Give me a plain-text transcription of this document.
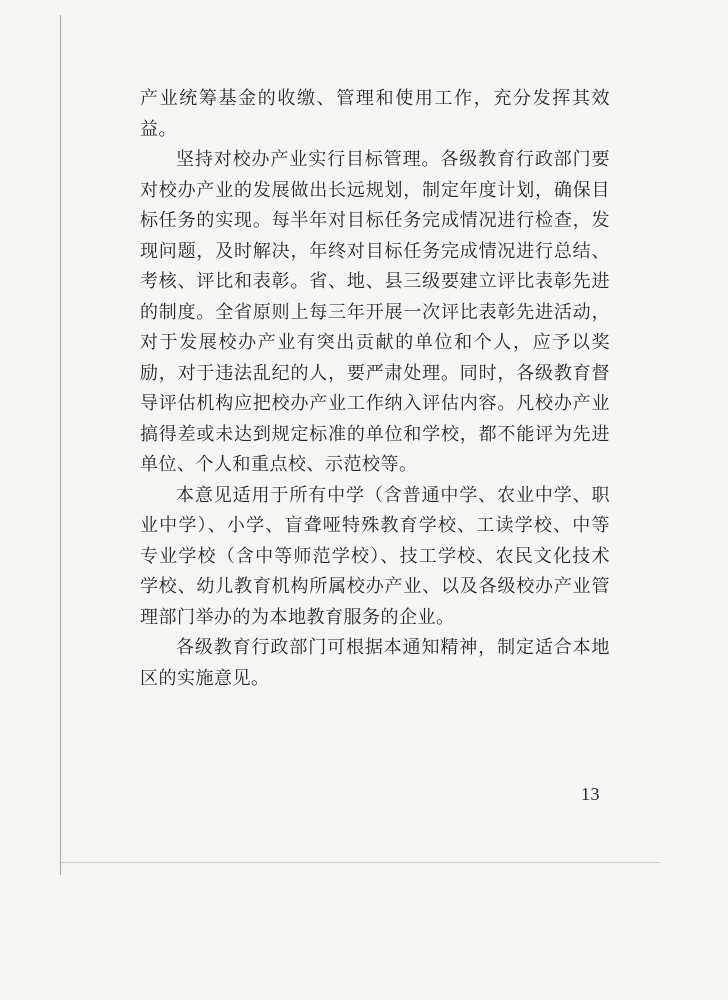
产业统筹基金的收缴、管理和使用工作，充分发挥其效益。

坚持对校办产业实行目标管理。各级教育行政部门要对校办产业的发展做出长远规划，制定年度计划，确保目标任务的实现。每半年对目标任务完成情况进行检查，发现问题，及时解决，年终对目标任务完成情况进行总结、考核、评比和表彰。省、地、县三级要建立评比表彰先进的制度。全省原则上每三年开展一次评比表彰先进活动，对于发展校办产业有突出贡献的单位和个人，应予以奖励，对于违法乱纪的人，要严肃处理。同时，各级教育督导评估机构应把校办产业工作纳入评估内容。凡校办产业搞得差或未达到规定标准的单位和学校，都不能评为先进单位、个人和重点校、示范校等。

本意见适用于所有中学（含普通中学、农业中学、职业中学）、小学、盲聋哑特殊教育学校、工读学校、中等专业学校（含中等师范学校）、技工学校、农民文化技术学校、幼儿教育机构所属校办产业、以及各级校办产业管理部门举办的为本地教育服务的企业。

各级教育行政部门可根据本通知精神，制定适合本地区的实施意见。

13
